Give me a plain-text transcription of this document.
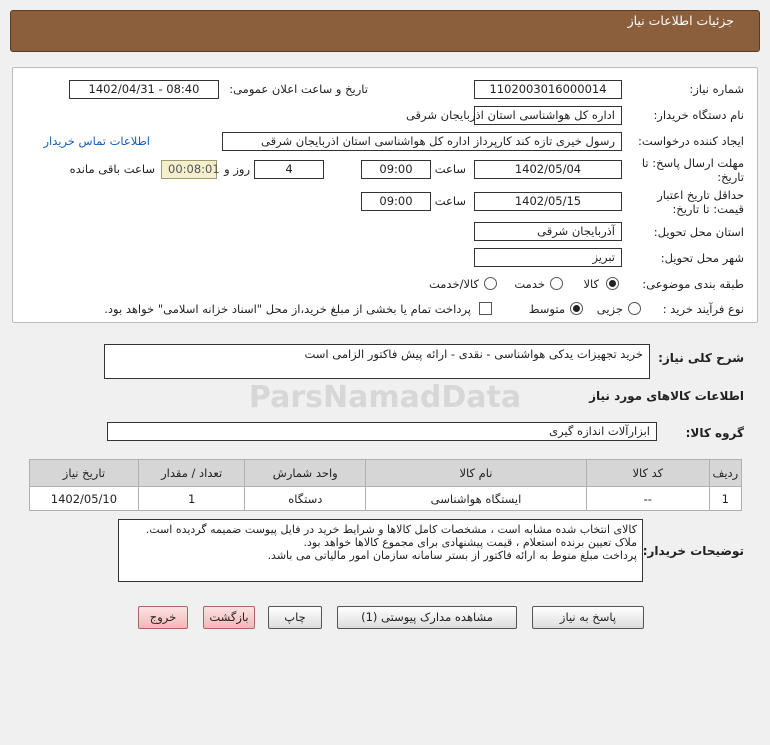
جزئیات اطلاعات نیاز
شماره نیاز:
1102003016000014
تاریخ و ساعت اعلان عمومی:
1402/04/31 - 08:40
نام دستگاه خریدار:
اداره کل هواشناسی استان اذربایجان شرقی
ایجاد کننده درخواست:
رسول خیری تازه کند کارپرداز اداره کل هواشناسی استان اذربایجان شرقی
اطلاعات تماس خریدار
مهلت ارسال پاسخ: تا
تاریخ:
1402/05/04
ساعت
09:00
4
روز و
00:08:01
ساعت باقی مانده
حداقل تاریخ اعتبار
قیمت: تا تاریخ:
1402/05/15
ساعت
09:00
استان محل تحویل:
آذربایجان شرقی
شهر محل تحویل:
تبریز
طبقه بندی موضوعی:
کالا
خدمت
کالا/خدمت
نوع فرآیند خرید :
جزیی
متوسط
پرداخت تمام یا بخشی از مبلغ خرید،از محل "اسناد خزانه اسلامی" خواهد بود.
شرح کلی نیاز:
خرید تجهیزات یدکی هواشناسی - نقدی - ارائه پیش فاکتور الزامی است
اطلاعات کالاهای مورد نیاز
ParsNamadData
گروه کالا:
ابزارآلات اندازه گیری
ردیف	کد کالا	نام کالا	واحد شمارش	تعداد / مقدار	تاریخ نیاز
1	--	ایستگاه هواشناسی	دستگاه	1	1402/05/10
توضیحات خریدار:
کالای انتخاب شده مشابه است ، مشخصات کامل کالاها و شرایط خرید در فایل پیوست ضمیمه گردیده است.
ملاک تعیین برنده استعلام ، قیمت پیشنهادی برای مجموع کالاها خواهد بود.
پرداخت مبلغ منوط به ارائه فاکتور از بستر سامانه سازمان امور مالیاتی می باشد.
پاسخ به نیاز
مشاهده مدارک پیوستی (1)
چاپ
بازگشت
خروج
